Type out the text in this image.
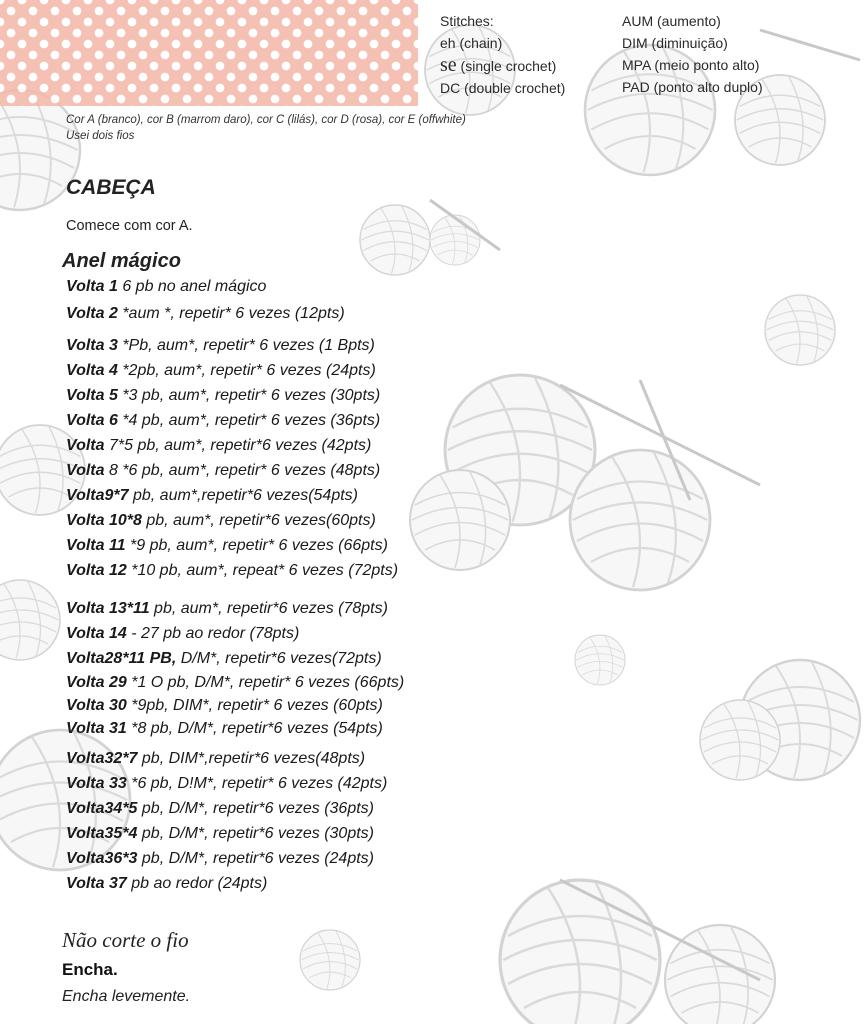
Stitches:
eh (chain)
se (single crochet)
DC (double crochet)
AUM (aumento)
DIM (diminuição)
MPA (meio ponto alto)
PAD (ponto alto duplo)
Cor A (branco), cor B (marrom daro), cor C (lilás), cor D (rosa), cor E (offwhite)
Usei dois fios
CABEÇA
Comece com cor A.
Anel mágico
Volta 1 6 pb no anel mágico
Volta 2 *aum *, repetir* 6 vezes (12pts)
Volta 3 *Pb, aum*, repetir* 6 vezes (1 Bpts)
Volta 4 *2pb, aum*, repetir* 6 vezes (24pts)
Volta 5 *3 pb, aum*, repetir* 6 vezes (30pts)
Volta 6 *4 pb, aum*, repetir* 6 vezes (36pts)
Volta 7*5 pb, aum*, repetir*6 vezes (42pts)
Volta 8 *6 pb, aum*, repetir* 6 vezes (48pts)
Volta9*7 pb, aum*,repetir*6 vezes(54pts)
Volta 10*8 pb, aum*, repetir*6 vezes(60pts)
Volta 11 *9 pb, aum*, repetir* 6 vezes (66pts)
Volta 12 *10 pb, aum*, repeat* 6 vezes (72pts)
Volta 13*11 pb, aum*, repetir*6 vezes (78pts)
Volta 14 - 27 pb ao redor (78pts)
Volta28*11 PB, D/M*, repetir*6 vezes(72pts)
Volta 29 *1 O pb, D/M*, repetir* 6 vezes (66pts)
Volta 30 *9pb, DIM*, repetir* 6 vezes (60pts)
Volta 31 *8 pb, D/M*, repetir*6 vezes (54pts)
Volta32*7 pb, DIM*,repetir*6 vezes(48pts)
Volta 33 *6 pb, D!M*, repetir* 6 vezes (42pts)
Volta34*5 pb, D/M*, repetir*6 vezes (36pts)
Volta35*4 pb, D/M*, repetir*6 vezes (30pts)
Volta36*3 pb, D/M*, repetir*6 vezes (24pts)
Volta 37 pb ao redor (24pts)
Não corte o fio
Encha.
Encha levemente.
